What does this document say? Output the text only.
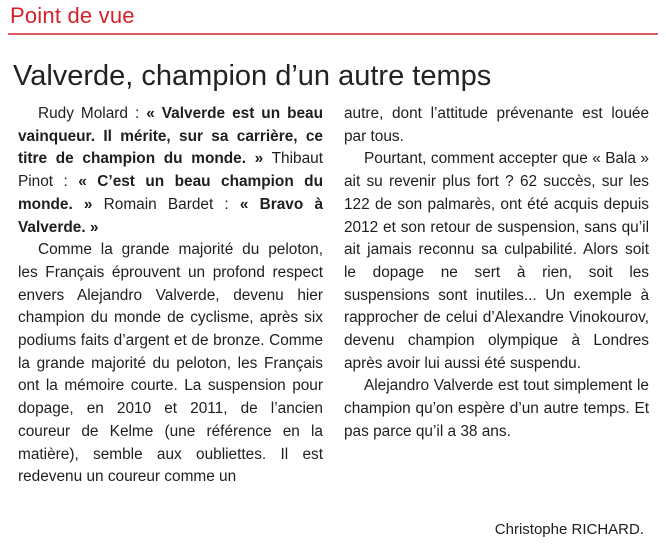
Point de vue
Valverde, champion d’un autre temps

Rudy Molard : « Valverde est un beau vainqueur. Il mérite, sur sa carrière, ce titre de champion du monde. » Thibaut Pinot : « C’est un beau champion du monde. » Romain Bardet : « Bravo à Valverde. »

Comme la grande majorité du peloton, les Français éprouvent un profond respect envers Alejandro Valverde, devenu hier champion du monde de cyclisme, après six podiums faits d’argent et de bronze. Comme la grande majorité du peloton, les Français ont la mémoire courte. La suspension pour dopage, en 2010 et 2011, de l’ancien coureur de Kelme (une référence en la matière), semble aux oubliettes. Il est redevenu un coureur comme un

autre, dont l’attitude prévenante est louée par tous.

Pourtant, comment accepter que « Bala » ait su revenir plus fort ? 62 succès, sur les 122 de son palmarès, ont été acquis depuis 2012 et son retour de suspension, sans qu’il ait jamais reconnu sa culpabilité. Alors soit le dopage ne sert à rien, soit les suspensions sont inutiles... Un exemple à rapprocher de celui d’Alexandre Vinokourov, devenu champion olympique à Londres après avoir lui aussi été suspendu.

Alejandro Valverde est tout simplement le champion qu’on espère d’un autre temps. Et pas parce qu’il a 38 ans.

Christophe RICHARD.
